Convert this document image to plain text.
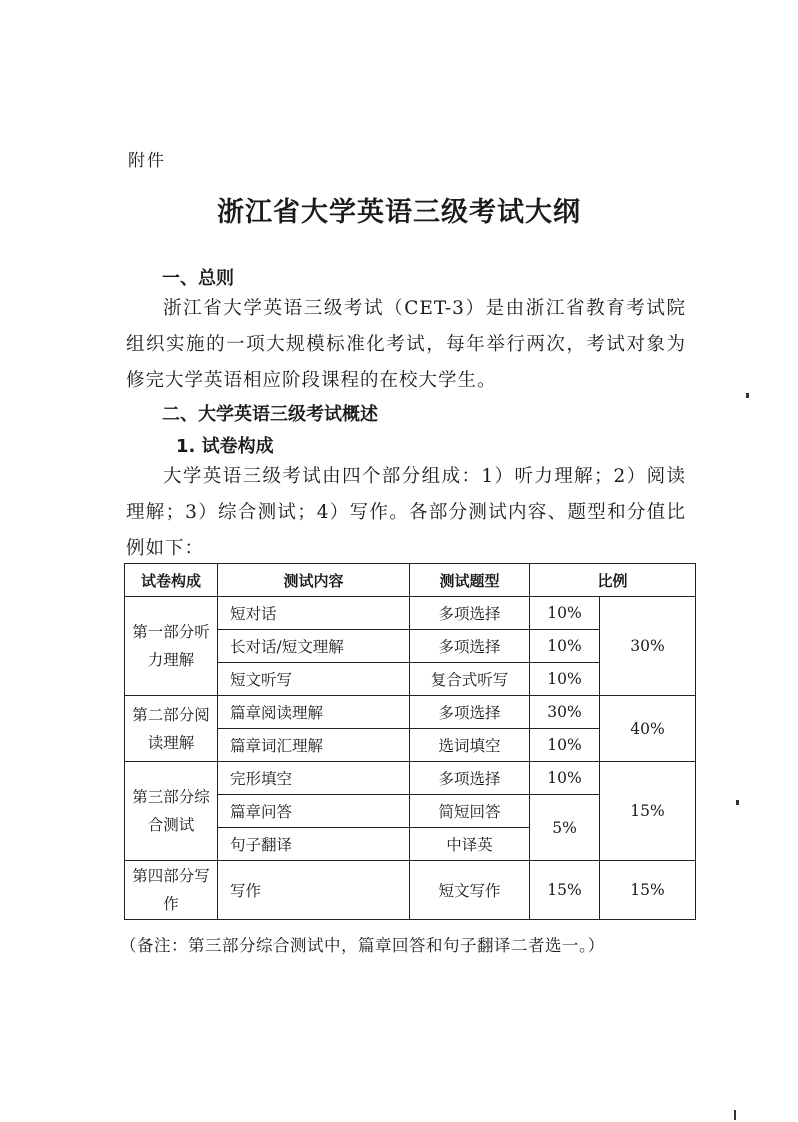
附件
浙江省大学英语三级考试大纲
一、总则
浙江省大学英语三级考试（CET-3）是由浙江省教育考试院组织实施的一项大规模标准化考试，每年举行两次，考试对象为修完大学英语相应阶段课程的在校大学生。
二、大学英语三级考试概述
1. 试卷构成
大学英语三级考试由四个部分组成：1）听力理解；2）阅读理解；3）综合测试；4）写作。各部分测试内容、题型和分值比例如下：
试卷构成	测试内容	测试题型	比例	
第一部分听力理解	短对话	多项选择	10%	30%
	长对话/短文理解	多项选择	10%	
	短文听写	复合式听写	10%	
第二部分阅读理解	篇章阅读理解	多项选择	30%	40%
	篇章词汇理解	选词填空	10%	
第三部分综合测试	完形填空	多项选择	10%	15%
	篇章问答	简短回答	5%	
	句子翻译	中译英		
第四部分写作	写作	短文写作	15%	15%
（备注：第三部分综合测试中，篇章回答和句子翻译二者选一。）
